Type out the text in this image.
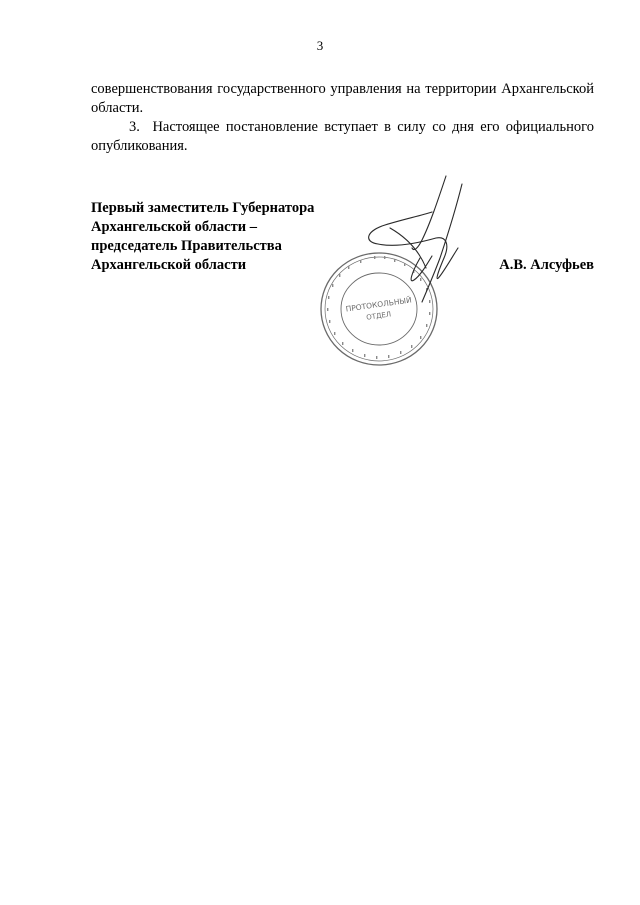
3

совершенствования государственного управления на территории Архангельской области.

3. Настоящее постановление вступает в силу со дня его официального опубликования.

Первый заместитель Губернатора
Архангельской области –
председатель Правительства
Архангельской области	А.В. Алсуфьев
ПРОТОКОЛЬНЫЙ
ОТДЕЛ
